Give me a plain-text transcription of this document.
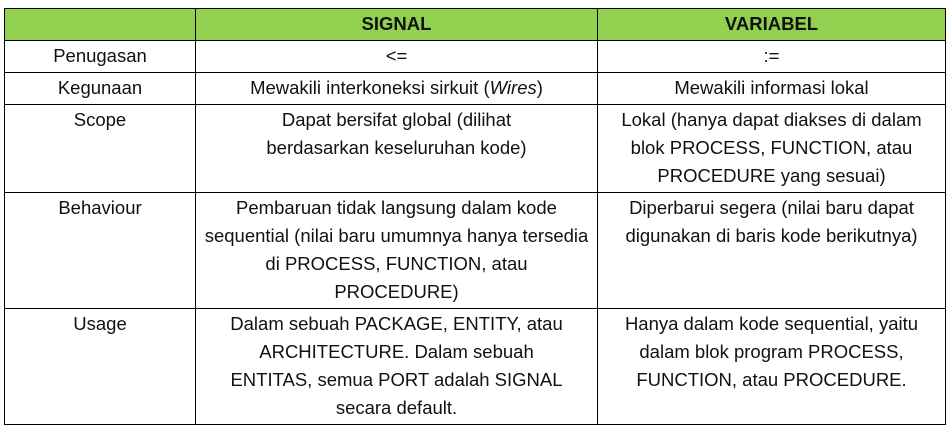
	SIGNAL	VARIABEL
Penugasan	<=	:=
Kegunaan	Mewakili interkoneksi sirkuit (Wires)	Mewakili informasi lokal
Scope	Dapat bersifat global (dilihat berdasarkan keseluruhan kode)	Lokal (hanya dapat diakses di dalam blok PROCESS, FUNCTION, atau PROCEDURE yang sesuai)
Behaviour	Pembaruan tidak langsung dalam kode sequential (nilai baru umumnya hanya tersedia di PROCESS, FUNCTION, atau PROCEDURE)	Diperbarui segera (nilai baru dapat digunakan di baris kode berikutnya)
Usage	Dalam sebuah PACKAGE, ENTITY, atau ARCHITECTURE. Dalam sebuah ENTITAS, semua PORT adalah SIGNAL secara default.	Hanya dalam kode sequential, yaitu dalam blok program PROCESS, FUNCTION, atau PROCEDURE.
